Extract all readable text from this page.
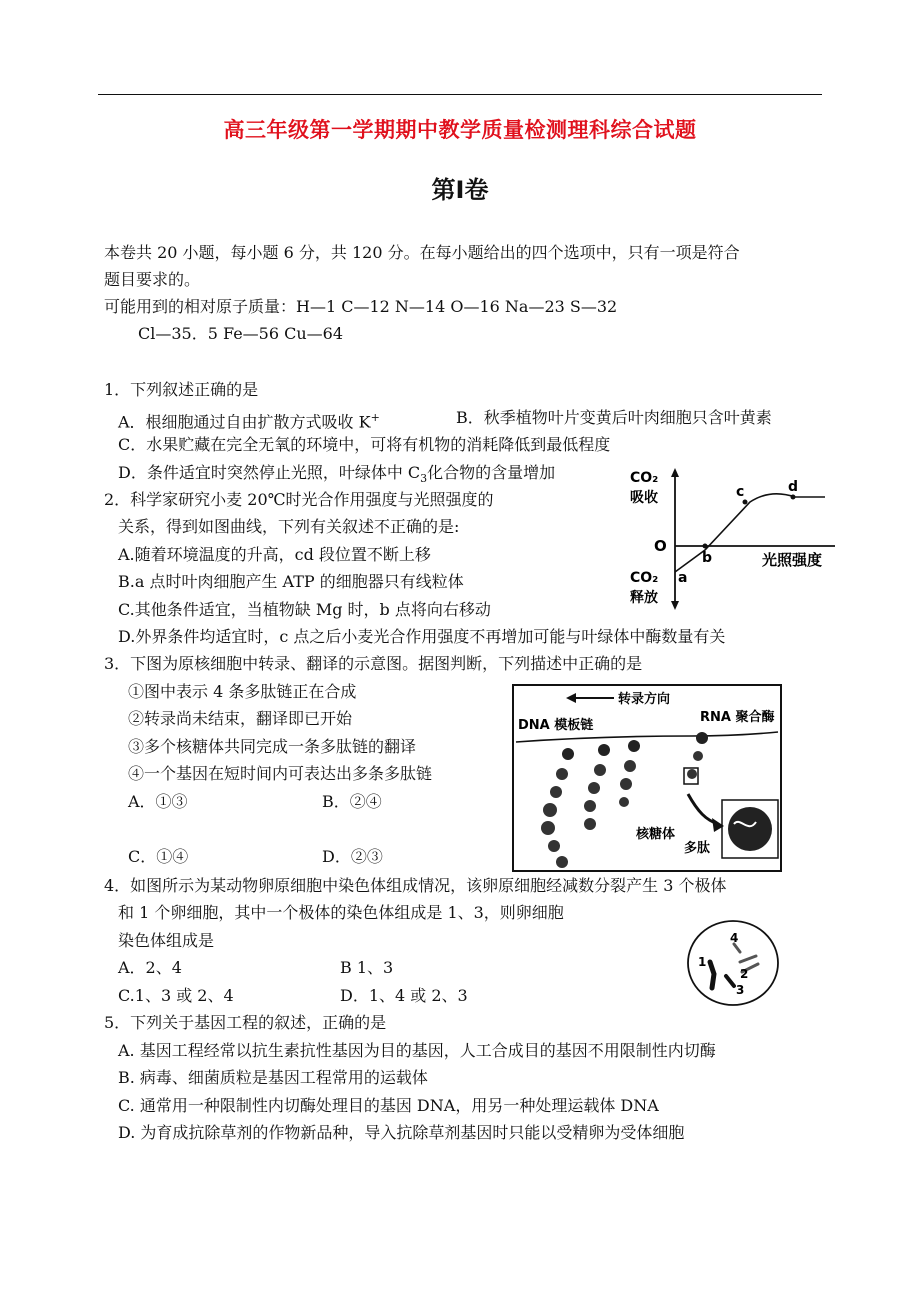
高三年级第一学期期中教学质量检测理科综合试题
第Ⅰ卷
本卷共 20 小题，每小题 6 分，共 120 分。在每小题给出的四个选项中，只有一项是符合
题目要求的。
可能用到的相对原子质量：H—1 C—12 N—14 O—16 Na—23 S—32
Cl—35．5 Fe—56 Cu—64
1．下列叙述正确的是
A．根细胞通过自由扩散方式吸收 K+	B．秋季植物叶片变黄后叶肉细胞只含叶黄素
C．水果贮藏在完全无氧的环境中，可将有机物的消耗降低到最低程度
D．条件适宜时突然停止光照，叶绿体中 $C_3$化合物的含量增加
2．科学家研究小麦 20℃时光合作用强度与光照强度的
关系，得到如图曲线，下列有关叙述不正确的是:
A.随着环境温度的升高，cd 段位置不断上移
B.a 点时叶肉细胞产生 ATP 的细胞器只有线粒体
C.其他条件适宜，当植物缺 Mg 时，b 点将向右移动
D.外界条件均适宜时，c 点之后小麦光合作用强度不再增加可能与叶绿体中酶数量有关
CO₂
吸收
O
光照强度
a
b
c	d
CO₂
释放
3．下图为原核细胞中转录、翻译的示意图。据图判断，下列描述中正确的是
①图中表示 4 条多肽链正在合成
②转录尚未结束，翻译即已开始
③多个核糖体共同完成一条多肽链的翻译
④一个基因在短时间内可表达出多条多肽链
A．①③	B．②④
C．①④	D．②③
转录方向
DNA 模板链
RNA 聚合酶
核糖体
多肽
4．如图所示为某动物卵原细胞中染色体组成情况，该卵原细胞经减数分裂产生 3 个极体
和 1 个卵细胞，其中一个极体的染色体组成是 1、3，则卵细胞
染色体组成是
A．2、4	B 1、3
C.1、3 或 2、4	D．1、4 或 2、3
1
2
3
4
5．下列关于基因工程的叙述，正确的是
A. 基因工程经常以抗生素抗性基因为目的基因，人工合成目的基因不用限制性内切酶
B. 病毒、细菌质粒是基因工程常用的运载体
C. 通常用一种限制性内切酶处理目的基因 DNA，用另一种处理运载体 DNA
D. 为育成抗除草剂的作物新品种，导入抗除草剂基因时只能以受精卵为受体细胞
